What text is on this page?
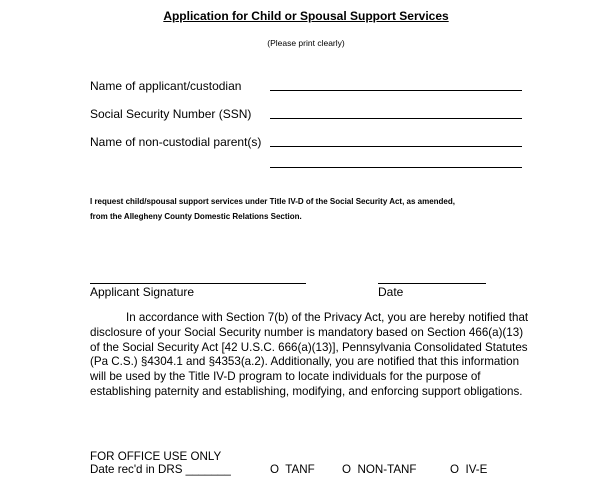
Application for Child or Spousal Support Services
(Please print clearly)
Name of applicant/custodian
Social Security Number (SSN)
Name of non-custodial parent(s)
I request child/spousal support services under Title IV-D of the Social Security Act, as amended,
from the Allegheny County Domestic Relations Section.
Applicant Signature	Date

In accordance with Section 7(b) of the Privacy Act, you are hereby notified that disclosure of your Social Security number is mandatory based on Section 466(a)(13) of the Social Security Act [42 U.S.C. 666(a)(13)], Pennsylvania Consolidated Statutes (Pa C.S.) §4304.1 and §4353(a.2). Additionally, you are notified that this information will be used by the Title IV-D program to locate individuals for the purpose of establishing paternity and establishing, modifying, and enforcing support obligations.

FOR OFFICE USE ONLY
Date rec'd in DRS _______	O TANF O NON-TANF	O IV-E
